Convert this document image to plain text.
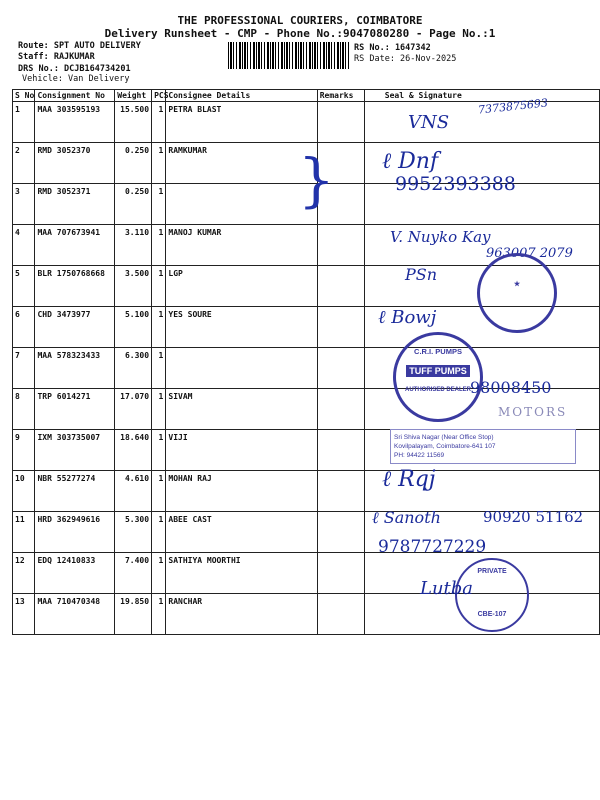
THE PROFESSIONAL COURIERS, COIMBATORE
Delivery Runsheet - CMP - Phone No.:9047080280 - Page No.:1
Route: SPT AUTO DELIVERY
Staff: RAJKUMAR
DRS No.: DCJB164734201
Vehicle: Van Delivery
RS No.: 1647342
RS Date: 26-Nov-2025
S No	Consignment No	Weight	PCS	Consignee Details	Remarks	Seal & Signature
1	MAA 303595193	15.500	1	PETRA BLAST		
2	RMD 3052370	0.250	1	RAMKUMAR		
3	RMD 3052371	0.250	1			
4	MAA 707673941	3.110	1	MANOJ KUMAR		
5	BLR 1750768668	3.500	1	LGP		
6	CHD 3473977	5.100	1	YES SOURE		
7	MAA 578323433	6.300	1			
8	TRP 6014271	17.070	1	SIVAM		
9	IXM 303735007	18.640	1	VIJI		
10	NBR 55277274	4.610	1	MOHAN RAJ		
11	HRD 362949616	5.300	1	ABEE CAST		
12	EDQ 12410833	7.400	1	SATHIYA MOORTHI		
13	MAA 710470348	19.850	1	RANCHAR		
7373875693
VNS
ℓ Dnf
9952393388
}
V. Nuyko Kay
963007 2079
PSn
★
ℓ Bowj
C.R.I. PUMPS
TUFF PUMPS
AUTHORISED DEALER 98008450
MOTORS
Sri Shiva Nagar (Near Office Stop)
Kovilpalayam, Coimbatore-641 107
PH: 94422 11569
ℓ Rqj
ℓ Sanoth	90920 51162
9787727229
PRIVATE
CBE-107
Lutba
